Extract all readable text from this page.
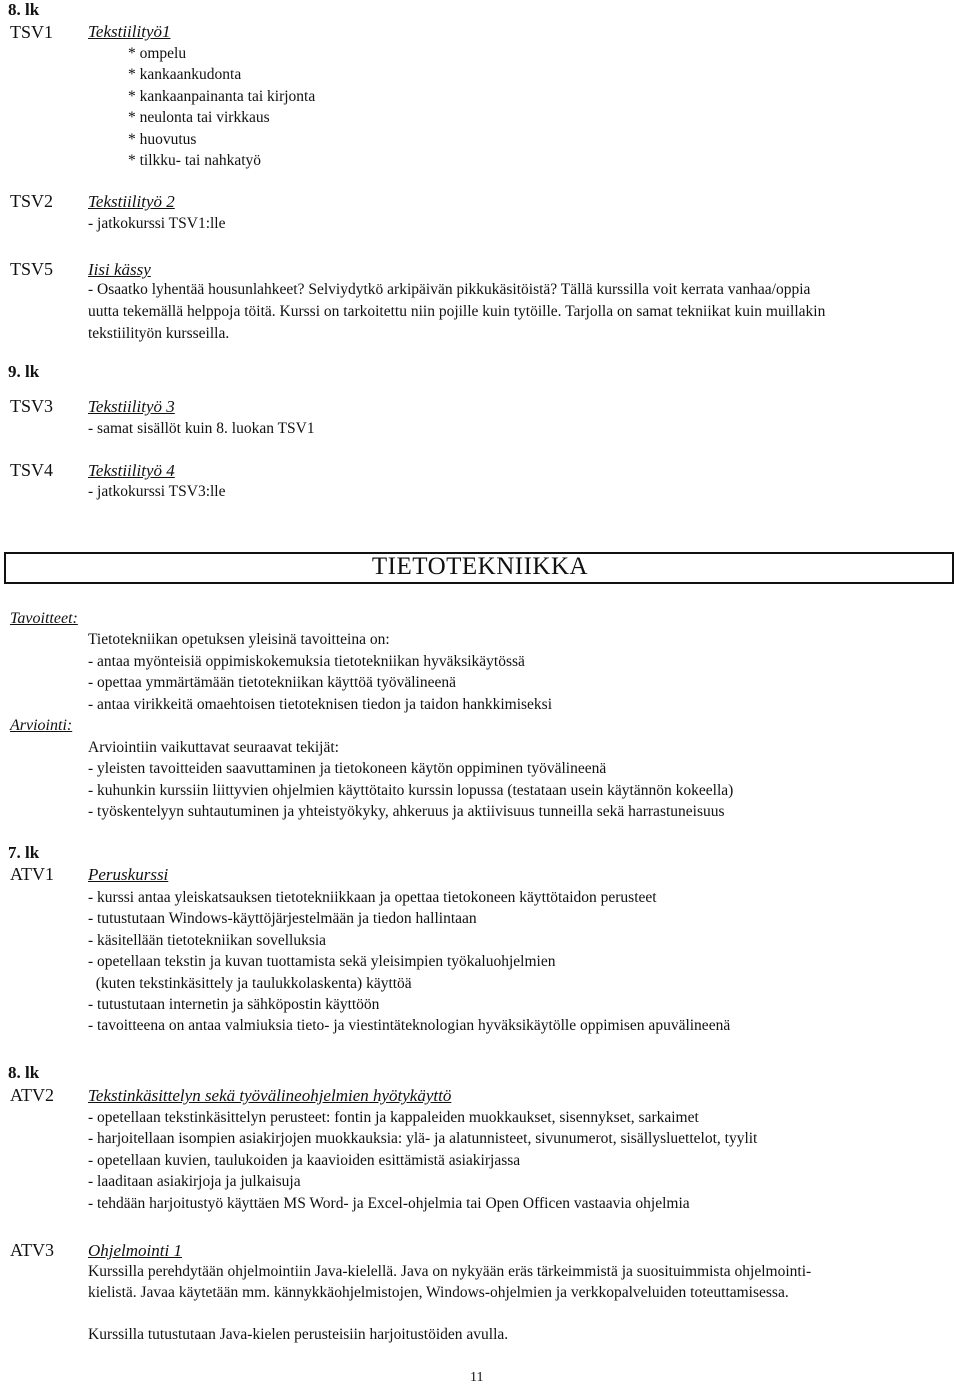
8. lk
TSV1 Tekstiilityö1
* ompelu
* kankaankudonta
* kankaanpainanta tai kirjonta
* neulonta tai virkkaus
* huovutus
* tilkku- tai nahkatyö
TSV2 Tekstiilityö 2
- jatkokurssi TSV1:lle
TSV5 Iisi kässy
- Osaatko lyhentää housunlahkeet? Selviydytkö arkipäivän pikkukäsitöistä? Tällä kurssilla voit kerrata vanhaa/oppia
uutta tekemällä helppoja töitä. Kurssi on tarkoitettu niin pojille kuin tytöille. Tarjolla on samat tekniikat kuin muillakin
tekstiilityön kursseilla.
9. lk
TSV3 Tekstiilityö 3
- samat sisällöt kuin 8. luokan TSV1
TSV4 Tekstiilityö 4
- jatkokurssi TSV3:lle
TIETOTEKNIIKKA
Tavoitteet:
Tietotekniikan opetuksen yleisinä tavoitteina on:
- antaa myönteisiä oppimiskokemuksia tietotekniikan hyväksikäytössä
- opettaa ymmärtämään tietotekniikan käyttöä työvälineenä
- antaa virikkeitä omaehtoisen tietoteknisen tiedon ja taidon hankkimiseksi
Arviointi:
Arviointiin vaikuttavat seuraavat tekijät:
- yleisten tavoitteiden saavuttaminen ja tietokoneen käytön oppiminen työvälineenä
- kuhunkin kurssiin liittyvien ohjelmien käyttötaito kurssin lopussa (testataan usein käytännön kokeella)
- työskentelyyn suhtautuminen ja yhteistyökyky, ahkeruus ja aktiivisuus tunneilla sekä harrastuneisuus
7. lk
ATV1 Peruskurssi
- kurssi antaa yleiskatsauksen tietotekniikkaan ja opettaa tietokoneen käyttötaidon perusteet
- tutustutaan Windows-käyttöjärjestelmään ja tiedon hallintaan
- käsitellään tietotekniikan sovelluksia
- opetellaan tekstin ja kuvan tuottamista sekä yleisimpien työkaluohjelmien
(kuten tekstinkäsittely ja taulukkolaskenta) käyttöä
- tutustutaan internetin ja sähköpostin käyttöön
- tavoitteena on antaa valmiuksia tieto- ja viestintäteknologian hyväksikäytölle oppimisen apuvälineenä
8. lk
ATV2 Tekstinkäsittelyn sekä työvälineohjelmien hyötykäyttö
- opetellaan tekstinkäsittelyn perusteet: fontin ja kappaleiden muokkaukset, sisennykset, sarkaimet
- harjoitellaan isompien asiakirjojen muokkauksia: ylä- ja alatunnisteet, sivunumerot, sisällysluettelot, tyylit
- opetellaan kuvien, taulukoiden ja kaavioiden esittämistä asiakirjassa
- laaditaan asiakirjoja ja julkaisuja
- tehdään harjoitustyö käyttäen MS Word- ja Excel-ohjelmia tai Open Officen vastaavia ohjelmia
ATV3 Ohjelmointi 1
Kurssilla perehdytään ohjelmointiin Java-kielellä. Java on nykyään eräs tärkeimmistä ja suosituimmista ohjelmointi-
kielistä. Javaa käytetään mm. kännykkäohjelmistojen, Windows-ohjelmien ja verkkopalveluiden toteuttamisessa.
Kurssilla tutustutaan Java-kielen perusteisiin harjoitustöiden avulla.
11
